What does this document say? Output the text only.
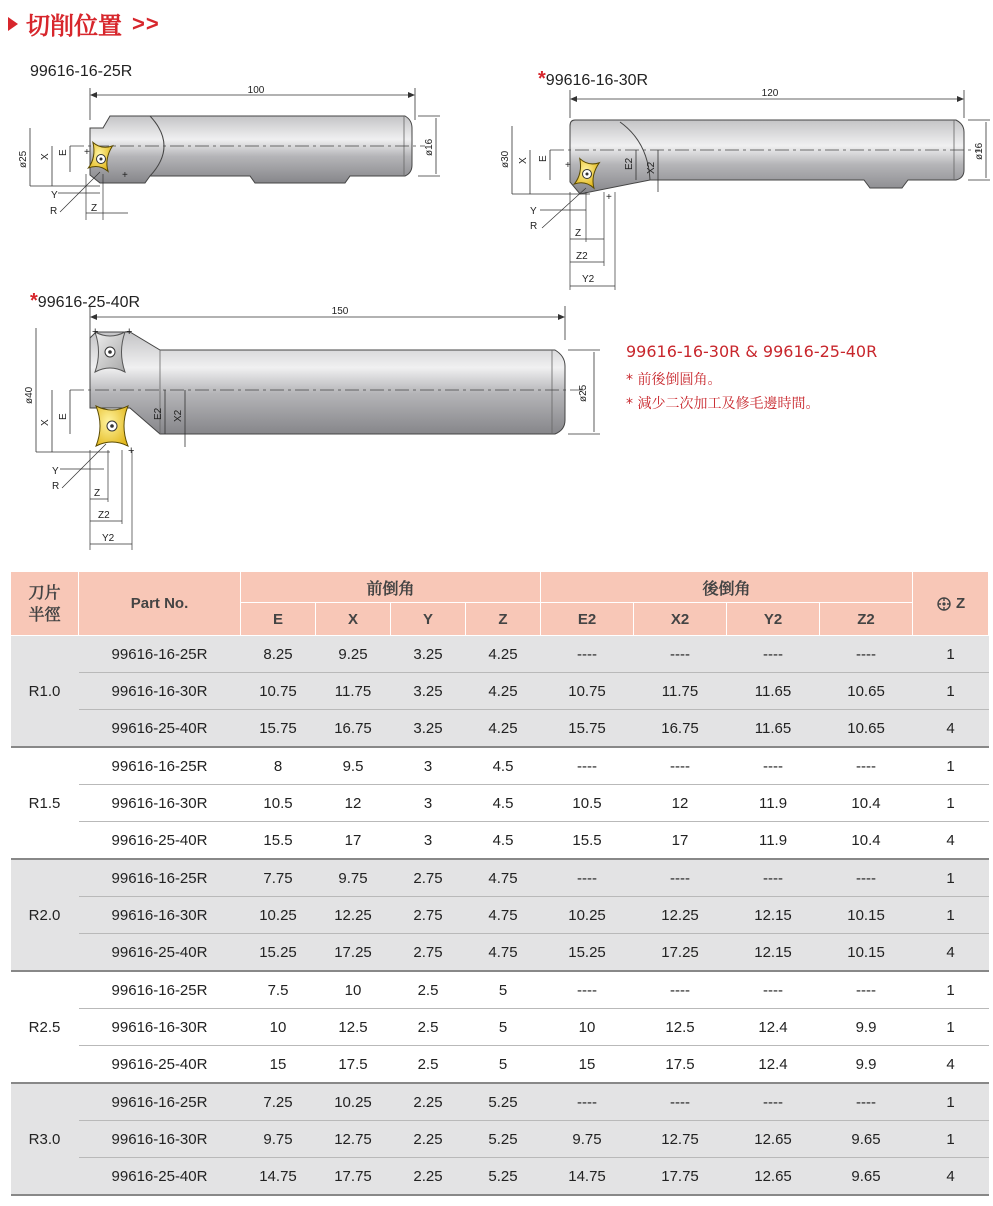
切削位置 >>
99616-16-25R	*99616-16-30R
*99616-25-40R
100
ø16
ø25 X
E
+
+
Z
Y
R
120
ø16
ø30 X E	E2 X2
+
+
Z
Z2
Y2
Y
R
150
ø25
ø40
X
E	E2 X2
+	+
+
Z
Z2
Y2
Y
R
99616-16-30R & 99616-25-40R
* 前後倒圓角。
* 減少二次加工及修毛邊時間。
刀片
半徑	Part No.	前倒角				後倒角				Z
		E	X	Y	Z	E2	X2	Y2	Z2	
R1.0	99616-16-25R	8.25	9.25	3.25	4.25	----	----	----	----	1
	99616-16-30R	10.75	11.75	3.25	4.25	10.75	11.75	11.65	10.65	1
	99616-25-40R	15.75	16.75	3.25	4.25	15.75	16.75	11.65	10.65	4
R1.5	99616-16-25R	8	9.5	3	4.5	----	----	----	----	1
	99616-16-30R	10.5	12	3	4.5	10.5	12	11.9	10.4	1
	99616-25-40R	15.5	17	3	4.5	15.5	17	11.9	10.4	4
R2.0	99616-16-25R	7.75	9.75	2.75	4.75	----	----	----	----	1
	99616-16-30R	10.25	12.25	2.75	4.75	10.25	12.25	12.15	10.15	1
	99616-25-40R	15.25	17.25	2.75	4.75	15.25	17.25	12.15	10.15	4
R2.5	99616-16-25R	7.5	10	2.5	5	----	----	----	----	1
	99616-16-30R	10	12.5	2.5	5	10	12.5	12.4	9.9	1
	99616-25-40R	15	17.5	2.5	5	15	17.5	12.4	9.9	4
R3.0	99616-16-25R	7.25	10.25	2.25	5.25	----	----	----	----	1
	99616-16-30R	9.75	12.75	2.25	5.25	9.75	12.75	12.65	9.65	1
	99616-25-40R	14.75	17.75	2.25	5.25	14.75	17.75	12.65	9.65	4
